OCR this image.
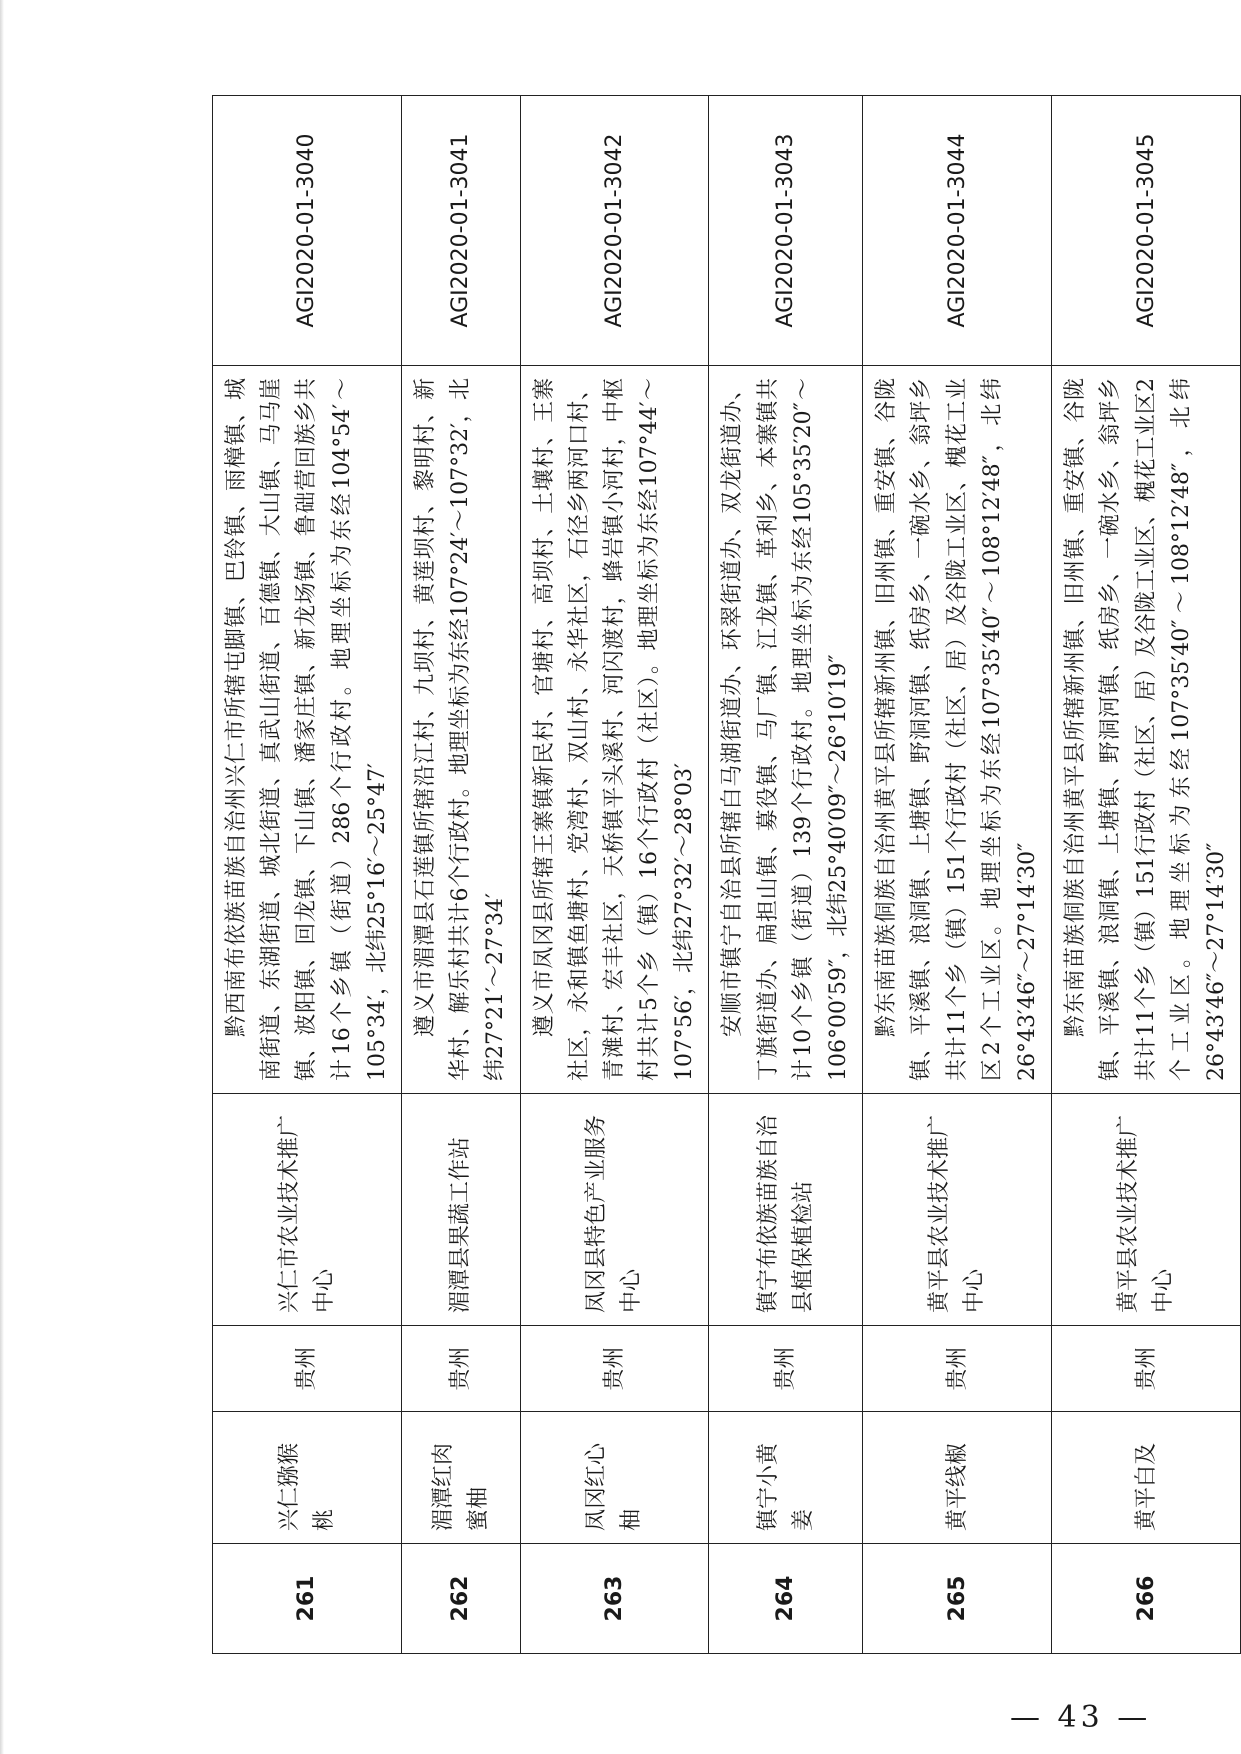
261	兴仁猕猴桃	贵州	兴仁市农业技术推广中心	黔西南布依族苗族自治州兴仁市所辖屯脚镇、巴铃镇、雨樟镇、城南街道、东湖街道、城北街道、真武山街道、百德镇、大山镇、马马崖镇、波阳镇、回龙镇、下山镇、潘家庄镇、新龙场镇、鲁础营回族乡共计16个乡镇（街道）286个行政村。地理坐标为东经104°54′～105°34′，北纬25°16′～25°47′	AGI2020-01-3040
262	湄潭红肉蜜柚	贵州	湄潭县果蔬工作站	遵义市湄潭县石莲镇所辖沿江村、九坝村、黄莲坝村、黎明村、新华村、解乐村共计6个行政村。地理坐标为东经107°24′～107°32′，北纬27°21′～27°34′	AGI2020-01-3041
263	凤冈红心柚	贵州	凤冈县特色产业服务中心	遵义市凤冈县所辖王寨镇新民村、官塘村、高坝村、土壤村、王寨社区，永和镇鱼塘村、党湾村、双山村、永华社区，石径乡两河口村、青滩村、宏丰社区，天桥镇平头溪村、河闪渡村，蜂岩镇小河村，中枢村共计5个乡（镇）16个行政村（社区）。地理坐标为东经107°44′～107°56′，北纬27°32′～28°03′	AGI2020-01-3042
264	镇宁小黄姜	贵州	镇宁布依族苗族自治县植保植检站	安顺市镇宁自治县所辖白马湖街道办、环翠街道办、双龙街道办、丁旗街道办、扁担山镇、募役镇、马厂镇、江龙镇、革利乡、本寨镇共计10个乡镇（街道）139个行政村。地理坐标为东经105°35′20″～106°00′59″，北纬25°40′09″～26°10′19″	AGI2020-01-3043
265	黄平线椒	贵州	黄平县农业技术推广中心	黔东南苗族侗族自治州黄平县所辖新州镇、旧州镇、重安镇、谷陇镇、平溪镇、浪洞镇、上塘镇、野洞河镇、纸房乡、一碗水乡、翁坪乡共计11个乡（镇）151个行政村（社区、居）及谷陇工业区、槐花工业区2个工业区。地理坐标为东经107°35′40″～108°12′48″，北纬26°43′46″～27°14′30″	AGI2020-01-3044
266	黄平白及	贵州	黄平县农业技术推广中心	黔东南苗族侗族自治州黄平县所辖新州镇、旧州镇、重安镇、谷陇镇、平溪镇、浪洞镇、上塘镇、野洞河镇、纸房乡、一碗水乡、翁坪乡共计11个乡（镇）151行政村（社区、居）及谷陇工业区、槐花工业区2个工业区。地理坐标为东经107°35′40″～108°12′48″，北纬26°43′46″～27°14′30″	AGI2020-01-3045
— 43 —
